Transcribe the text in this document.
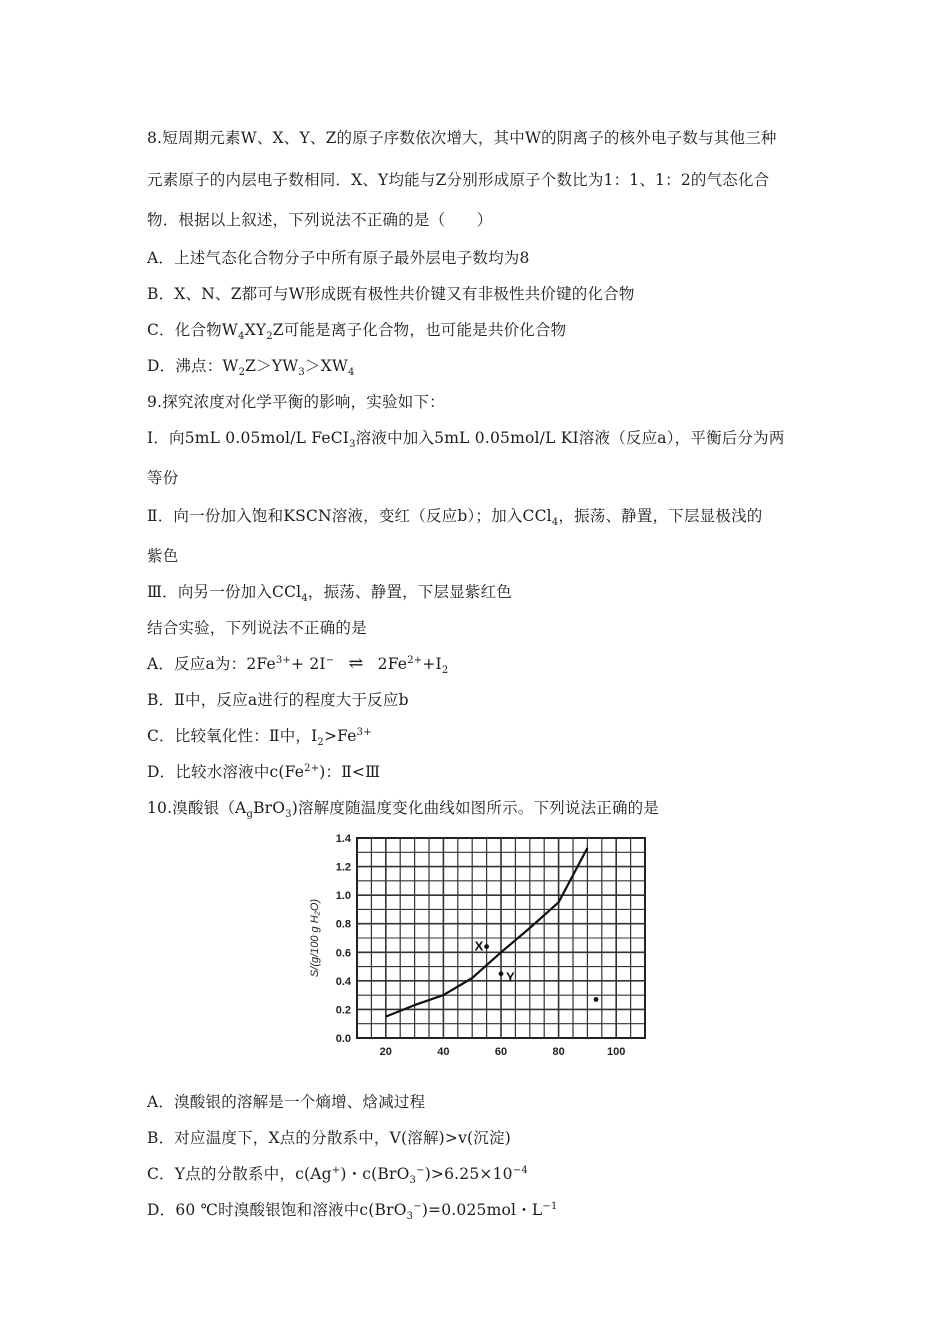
8.短周期元素W、X、Y、Z的原子序数依次增大，其中W的阴离子的核外电子数与其他三种
元素原子的内层电子数相同．X、Y均能与Z分别形成原子个数比为1：1、1：2的气态化合
物．根据以上叙述，下列说法不正确的是（　　）
A．上述气态化合物分子中所有原子最外层电子数均为8
B．X、N、Z都可与W形成既有极性共价键又有非极性共价键的化合物
C．化合物$W_4XY_2Z$可能是离子化合物，也可能是共价化合物
D．沸点：$W_2Z>YW_3>XW_4$
9.探究浓度对化学平衡的影响，实验如下：
Ⅰ．向5mL 0.05mol/L FeCI$_3$溶液中加入5mL 0.05mol/L KI溶液（反应a），平衡后分为两
等份
Ⅱ．向一份加入饱和KSCN溶液，变红（反应b）；加入CCl$_4$，振荡、静置，下层显极浅的
紫色
Ⅲ．向另一份加入CCl$_4$，振荡、静置，下层显紫红色
结合实验，下列说法不正确的是
A．反应a为：$2Fe^{3+}+ 2I^-$ ⇌ $2Fe^{2+}+I_2$
B．Ⅱ中，反应a进行的程度大于反应b
C．比较氧化性：Ⅱ中，$I_2>Fe^{3+}$
D．比较水溶液中$c(Fe^{2+})$：Ⅱ<Ⅲ
10.溴酸银$(A_gBrO_3)$溶解度随温度变化曲线如图所示。下列说法正确的是
0.0
0.2
0.4
0.6
0.8
1.0
1.2
1.4
20	40	60	80	100
S/(g/100 g H₂O)	X
Y
A．溴酸银的溶解是一个熵增、焓减过程
B．对应温度下，X点的分散系中，V(溶解)>v(沉淀)
C．Y点的分散系中，c(Ag+)・$c(BrO_3^-)>6.25\times 10^{-4}$
D．60 ℃时溴酸银饱和溶液中c(BrO$_3$−)=0.025mol・$L^{-1}$
